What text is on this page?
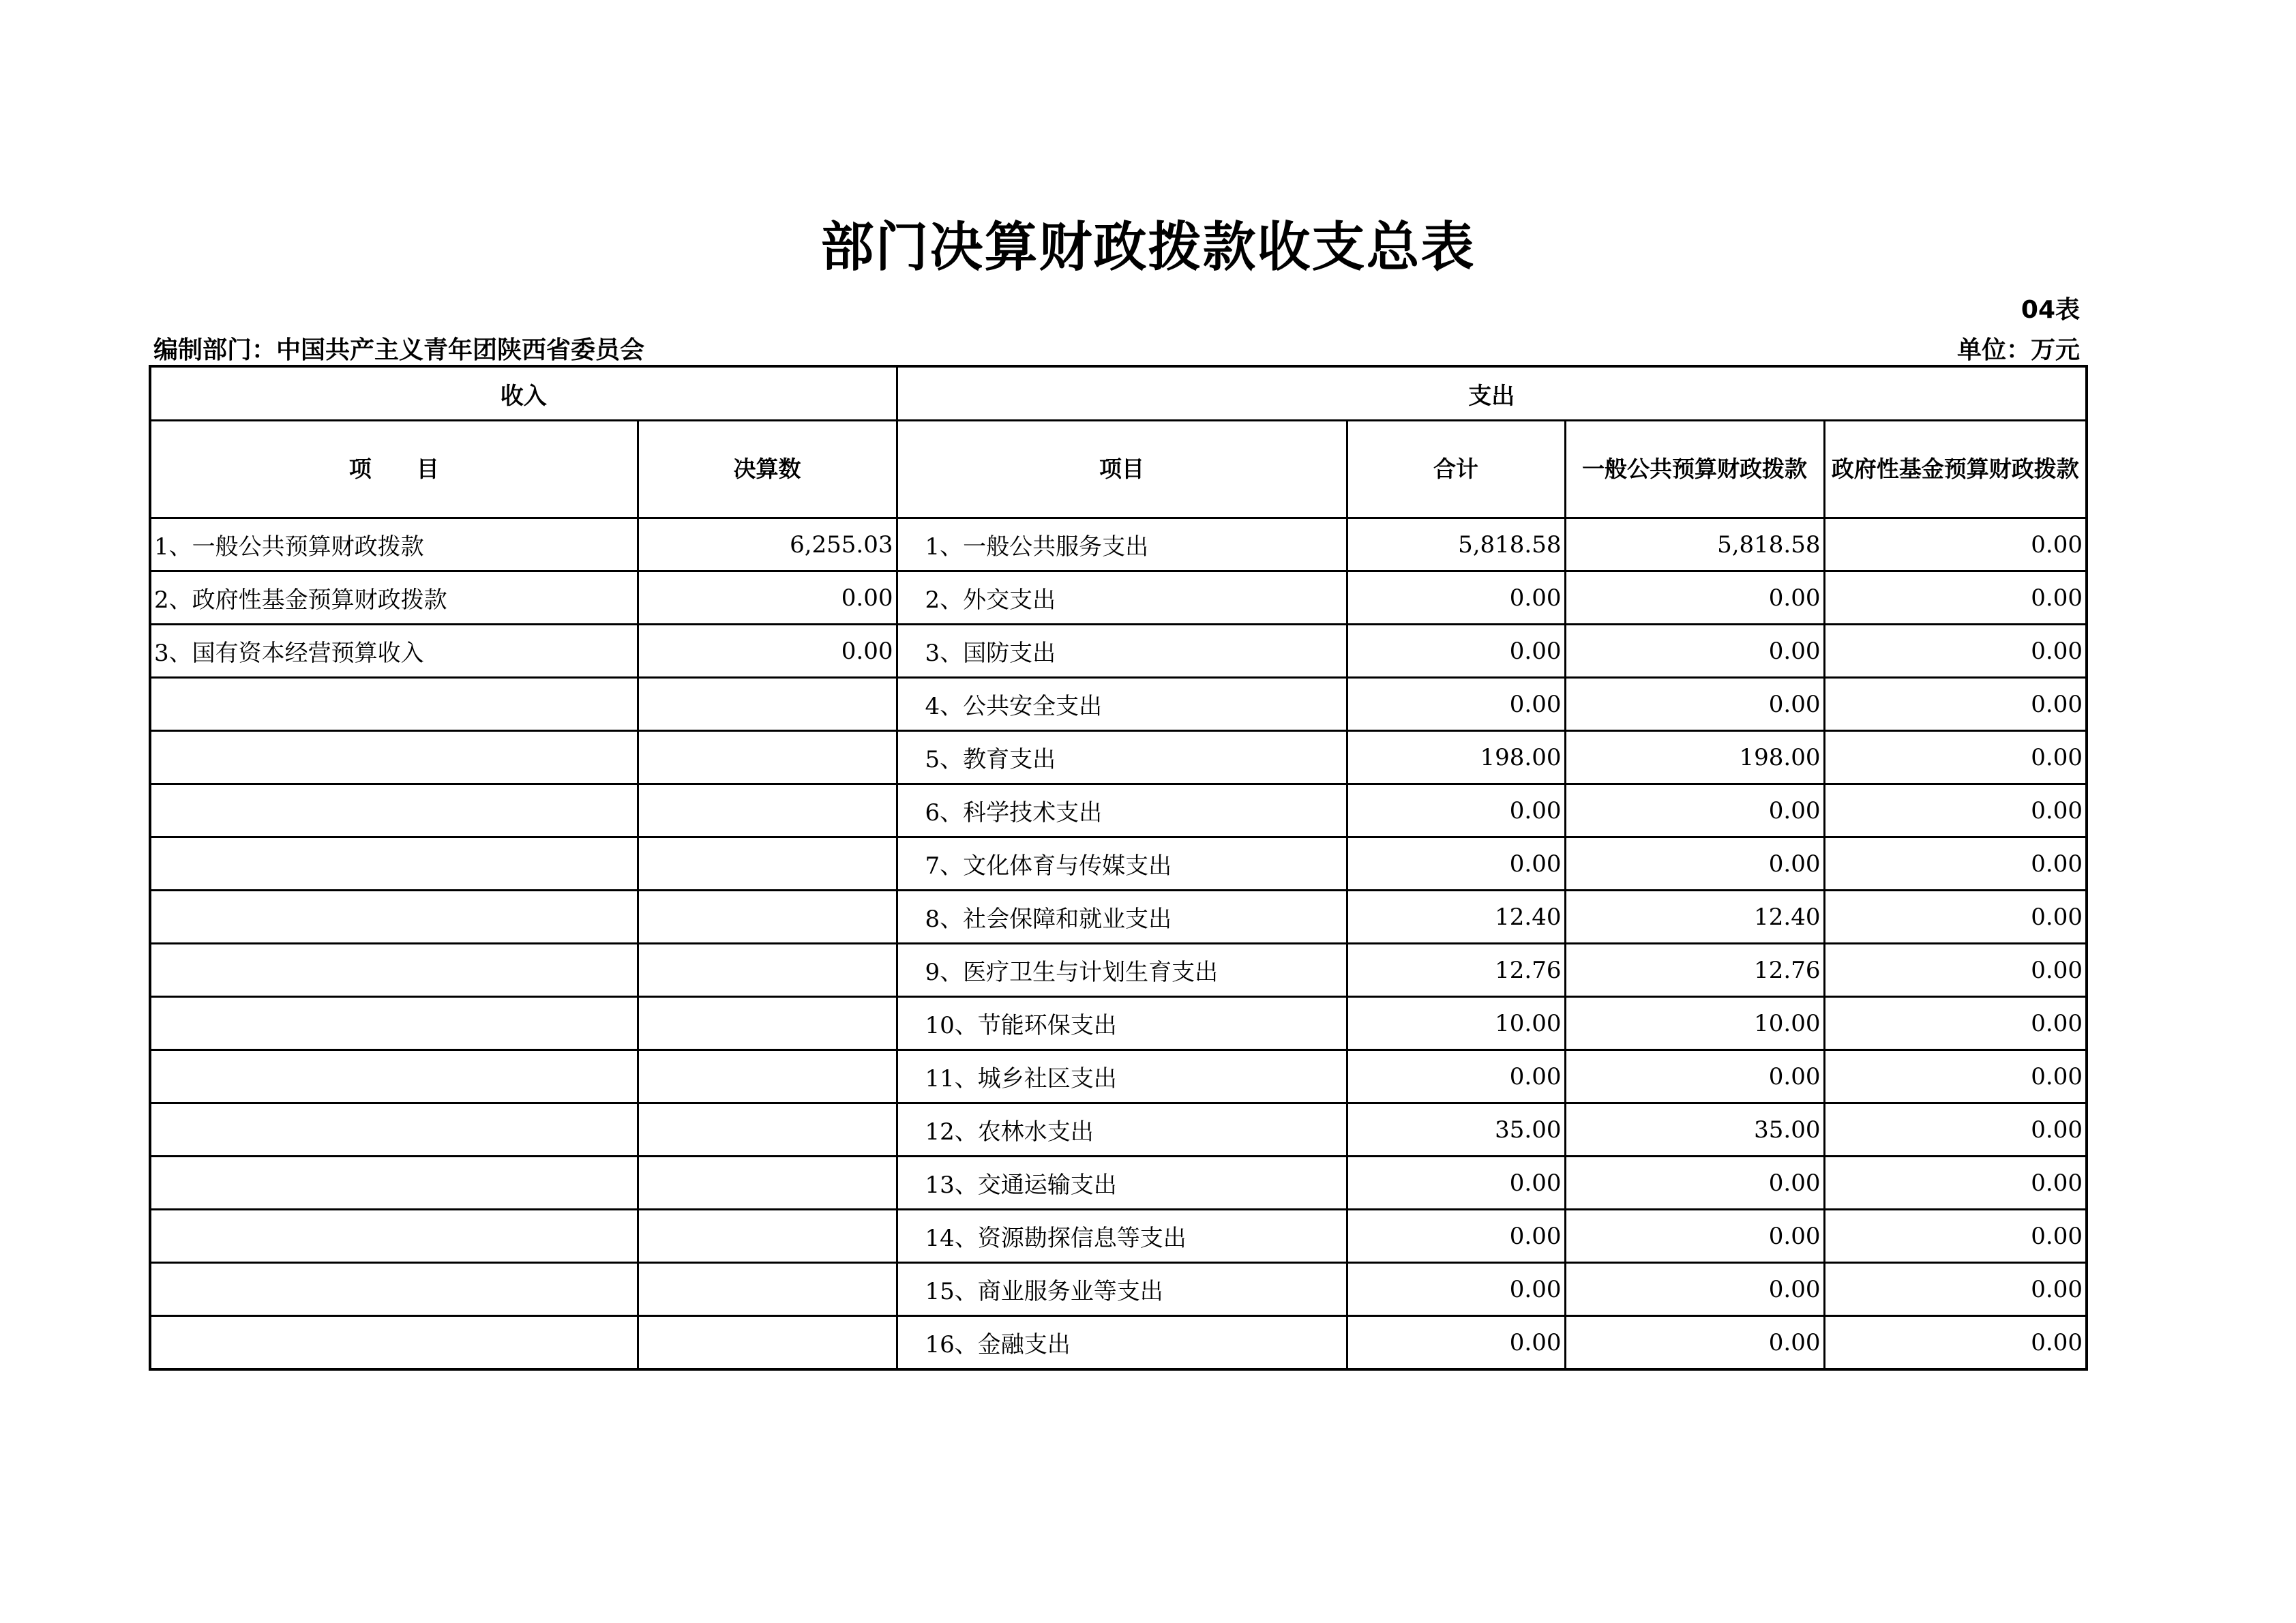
部门决算财政拨款收支总表
04表
编制部门：中国共产主义青年团陕西省委员会	单位：万元
收入		支出			
项　　目	决算数	项目	合计	一般公共预算财政拨款	政府性基金预算财政拨款
1、一般公共预算财政拨款	6,255.03	1、一般公共服务支出	5,818.58	5,818.58	0.00
2、政府性基金预算财政拨款	0.00	2、外交支出	0.00	0.00	0.00
3、国有资本经营预算收入	0.00	3、国防支出	0.00	0.00	0.00
		4、公共安全支出	0.00	0.00	0.00
		5、教育支出	198.00	198.00	0.00
		6、科学技术支出	0.00	0.00	0.00
		7、文化体育与传媒支出	0.00	0.00	0.00
		8、社会保障和就业支出	12.40	12.40	0.00
		9、医疗卫生与计划生育支出	12.76	12.76	0.00
		10、节能环保支出	10.00	10.00	0.00
		11、城乡社区支出	0.00	0.00	0.00
		12、农林水支出	35.00	35.00	0.00
		13、交通运输支出	0.00	0.00	0.00
		14、资源勘探信息等支出	0.00	0.00	0.00
		15、商业服务业等支出	0.00	0.00	0.00
		16、金融支出	0.00	0.00	0.00
